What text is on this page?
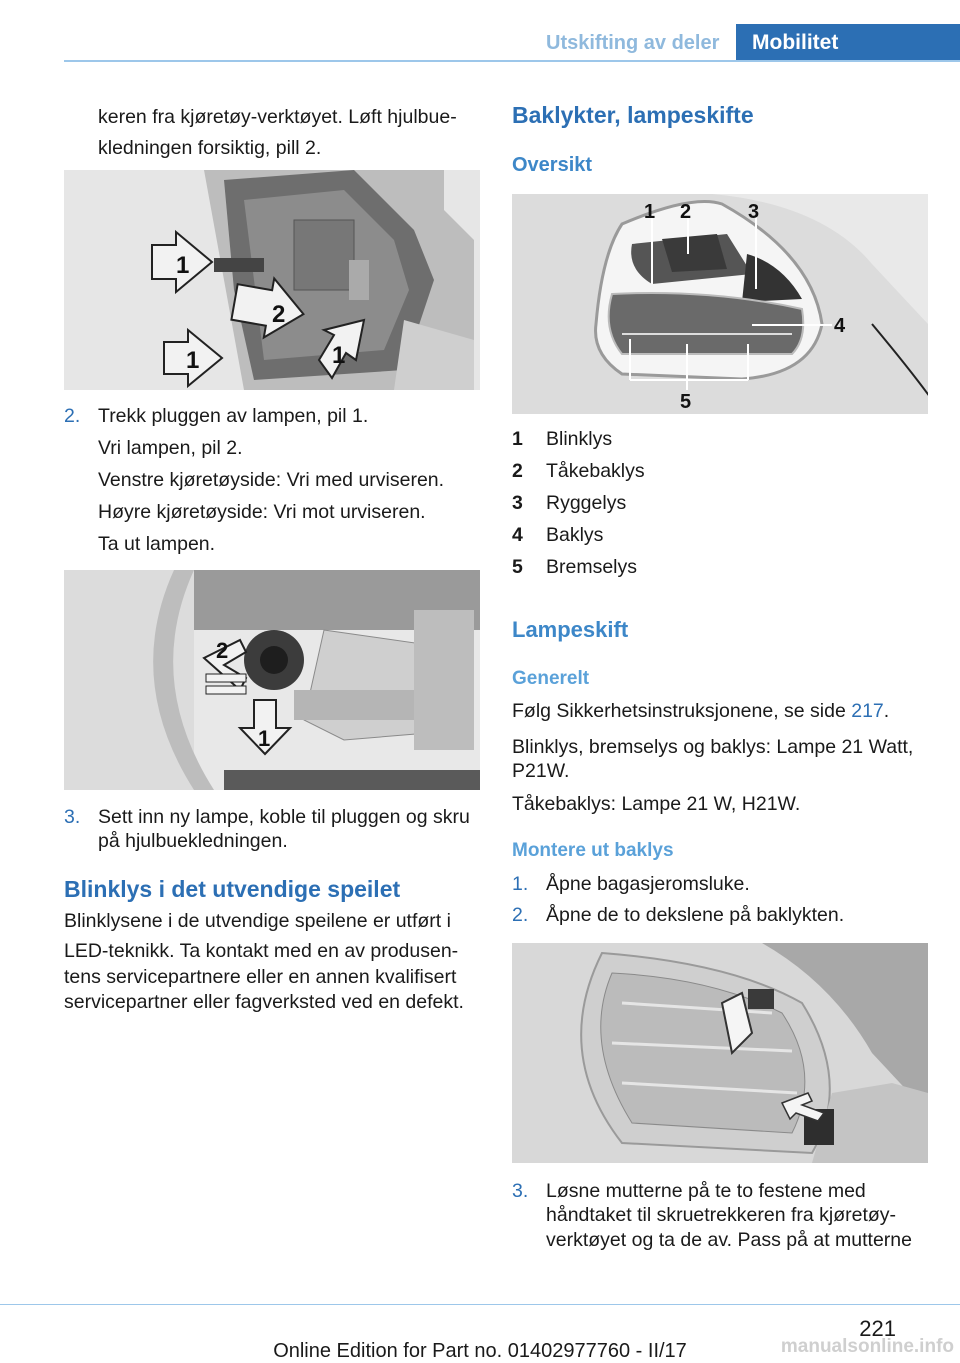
Utskifting av deler	Mobilitet
keren fra kjøretøy-verktøyet. Løft hjulbue-
kledningen forsiktig, pill 2.
1
2
1	1
2. Trekk pluggen av lampen, pil 1.
Vri lampen, pil 2.
Venstre kjøretøyside: Vri med urviseren.
Høyre kjøretøyside: Vri mot urviseren.
Ta ut lampen.
2
1
3. Sett inn ny lampe, koble til pluggen og skru
på hjulbuekledningen.
Blinklys i det utvendige speilet
Blinklysene i de utvendige speilene er utført i
LED-teknikk. Ta kontakt med en av produsen-
tens servicepartnere eller en annen kvalifisert
servicepartner eller fagverksted ved en defekt.
Baklykter, lampeskifte
Oversikt
1 2	3
4
5
1 Blinklys
2 Tåkebaklys
3 Ryggelys
4 Baklys
5 Bremselys
Lampeskift
Generelt
Følg Sikkerhetsinstruksjonene, se side 217.
Blinklys, bremselys og baklys: Lampe 21 Watt,
P21W.
Tåkebaklys: Lampe 21 W, H21W.
Montere ut baklys
1. Åpne bagasjeromsluke.
2. Åpne de to dekslene på baklykten.
3. Løsne mutterne på te to festene med
håndtaket til skruetrekkeren fra kjøretøy-
verktøyet og ta de av. Pass på at mutterne
221
Online Edition for Part no. 01402977760 - II/17	manualsonline.info
